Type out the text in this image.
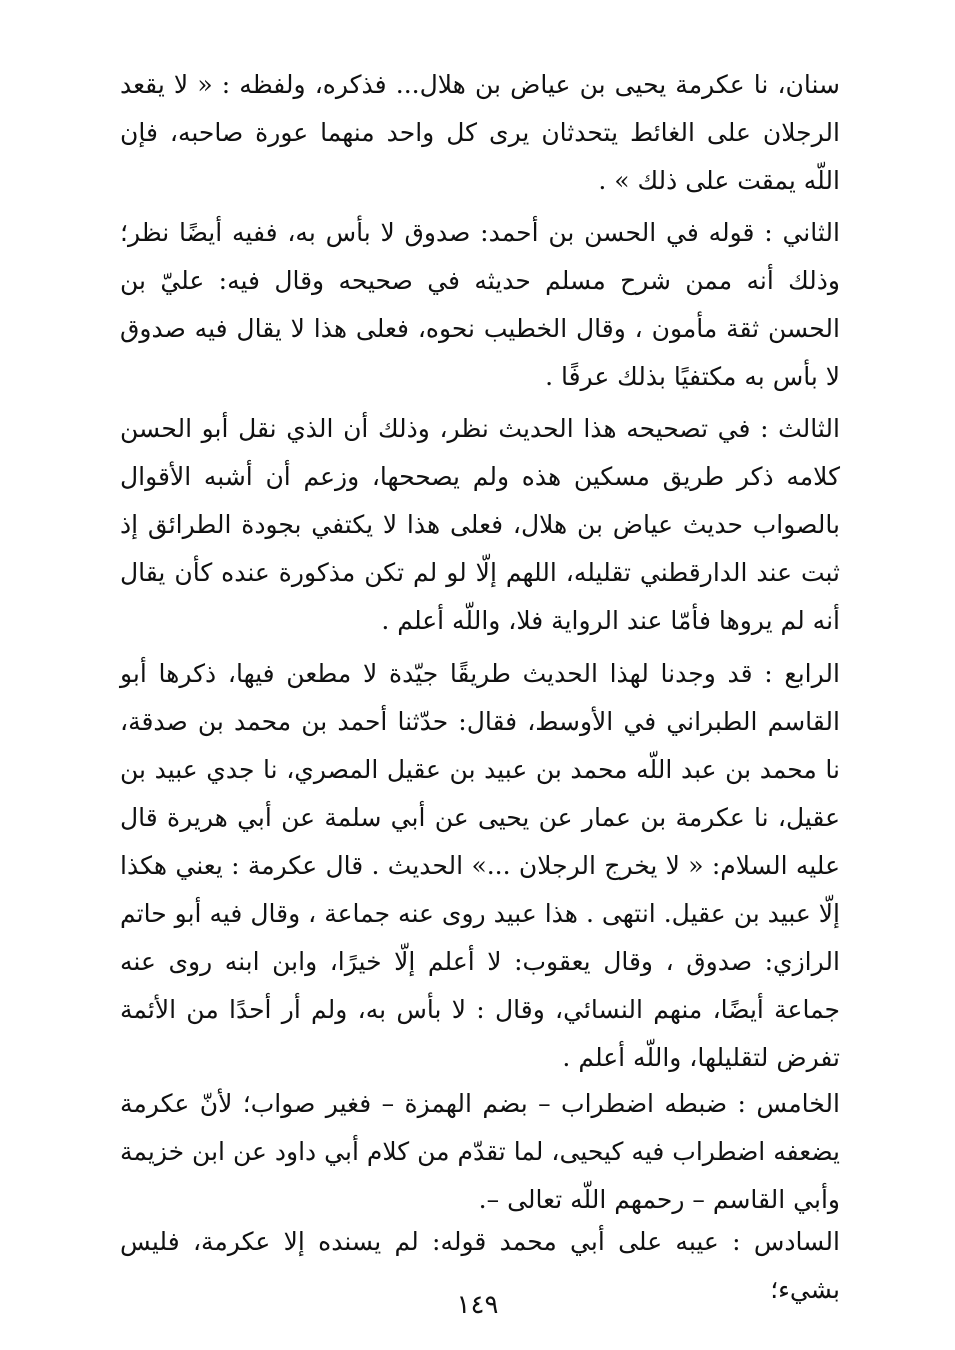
سنان، نا عكرمة يحيى بن عياض بن هلال... فذكره، ولفظه : « لا يقعد الرجلان على الغائط يتحدثان يرى كل واحد منهما عورة صاحبه، فإن اللّه يمقت على ذلك » .

الثاني : قوله في الحسن بن أحمد: صدوق لا بأس به، ففيه أيضًا نظر؛ وذلك أنه ممن شرح مسلم حديثه في صحيحه وقال فيه: عليّ بن الحسن ثقة مأمون ، وقال الخطيب نحوه، فعلى هذا لا يقال فيه صدوق لا بأس به مكتفيًا بذلك عرفًا .

الثالث : في تصحيحه هذا الحديث نظر، وذلك أن الذي نقل أبو الحسن كلامه ذكر طريق مسكين هذه ولم يصححها، وزعم أن أشبه الأقوال بالصواب حديث عياض بن هلال، فعلى هذا لا يكتفي بجودة الطرائق إذ ثبت عند الدارقطني تقليله، اللهم إلّا لو لم تكن مذكورة عنده كأن يقال أنه لم يروها فأمّا عند الرواية فلا، واللّه أعلم .

الرابع : قد وجدنا لهذا الحديث طريقًا جيّدة لا مطعن فيها، ذكرها أبو القاسم الطبراني في الأوسط، فقال: حدّثنا أحمد بن محمد بن صدقة، نا محمد بن عبد اللّه محمد بن عبيد بن عقيل المصري، نا جدي عبيد بن عقيل، نا عكرمة بن عمار عن يحيى عن أبي سلمة عن أبي هريرة قال عليه السلام: « لا يخرج الرجلان ...» الحديث . قال عكرمة : يعني هكذا إلّا عبيد بن عقيل. انتهى . هذا عبيد روى عنه جماعة ، وقال فيه أبو حاتم الرازي: صدوق ، وقال يعقوب: لا أعلم إلّا خيرًا، وابن ابنه روى عنه جماعة أيضًا، منهم النسائي، وقال : لا بأس به، ولم أر أحدًا من الأئمة تفرض لتقليلها، واللّه أعلم .

الخامس : ضبطه اضطراب – بضم الهمزة – فغير صواب؛ لأنّ عكرمة يضعفه اضطراب فيه كيحيى، لما تقدّم من كلام أبي داود عن ابن خزيمة وأبي القاسم – رحمهم اللّه تعالى –.

السادس : عيبه على أبي محمد قوله: لم يسنده إلا عكرمة، فليس بشيء؛

١٤٩
